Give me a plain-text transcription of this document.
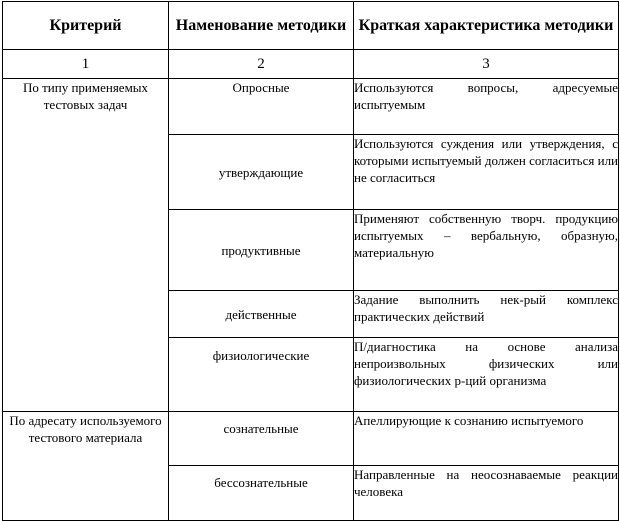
Критерий	Наменование методики	Краткая характеристика методики
1	2	3
По типу применяемых тестовых задач	Опросные	Используются вопросы, адресуемые испытуемым
	утверждающие	Используются суждения или утверждения, с которыми испытуемый должен согласиться или не согласиться
	продуктивные	Применяют собственную творч. продукцию испытуемых – вербальную, образную, материальную
	действенные	Задание выполнить нек-рый комплекс практических действий
	физиологические	П/диагностика на основе анализа непроизвольных физических или физиологических р-ций организма
По адресату используемого тестового материала	сознательные	Апеллирующие к сознанию испытуемого
	бессознательные	Направленные на неосознаваемые реакции человека
